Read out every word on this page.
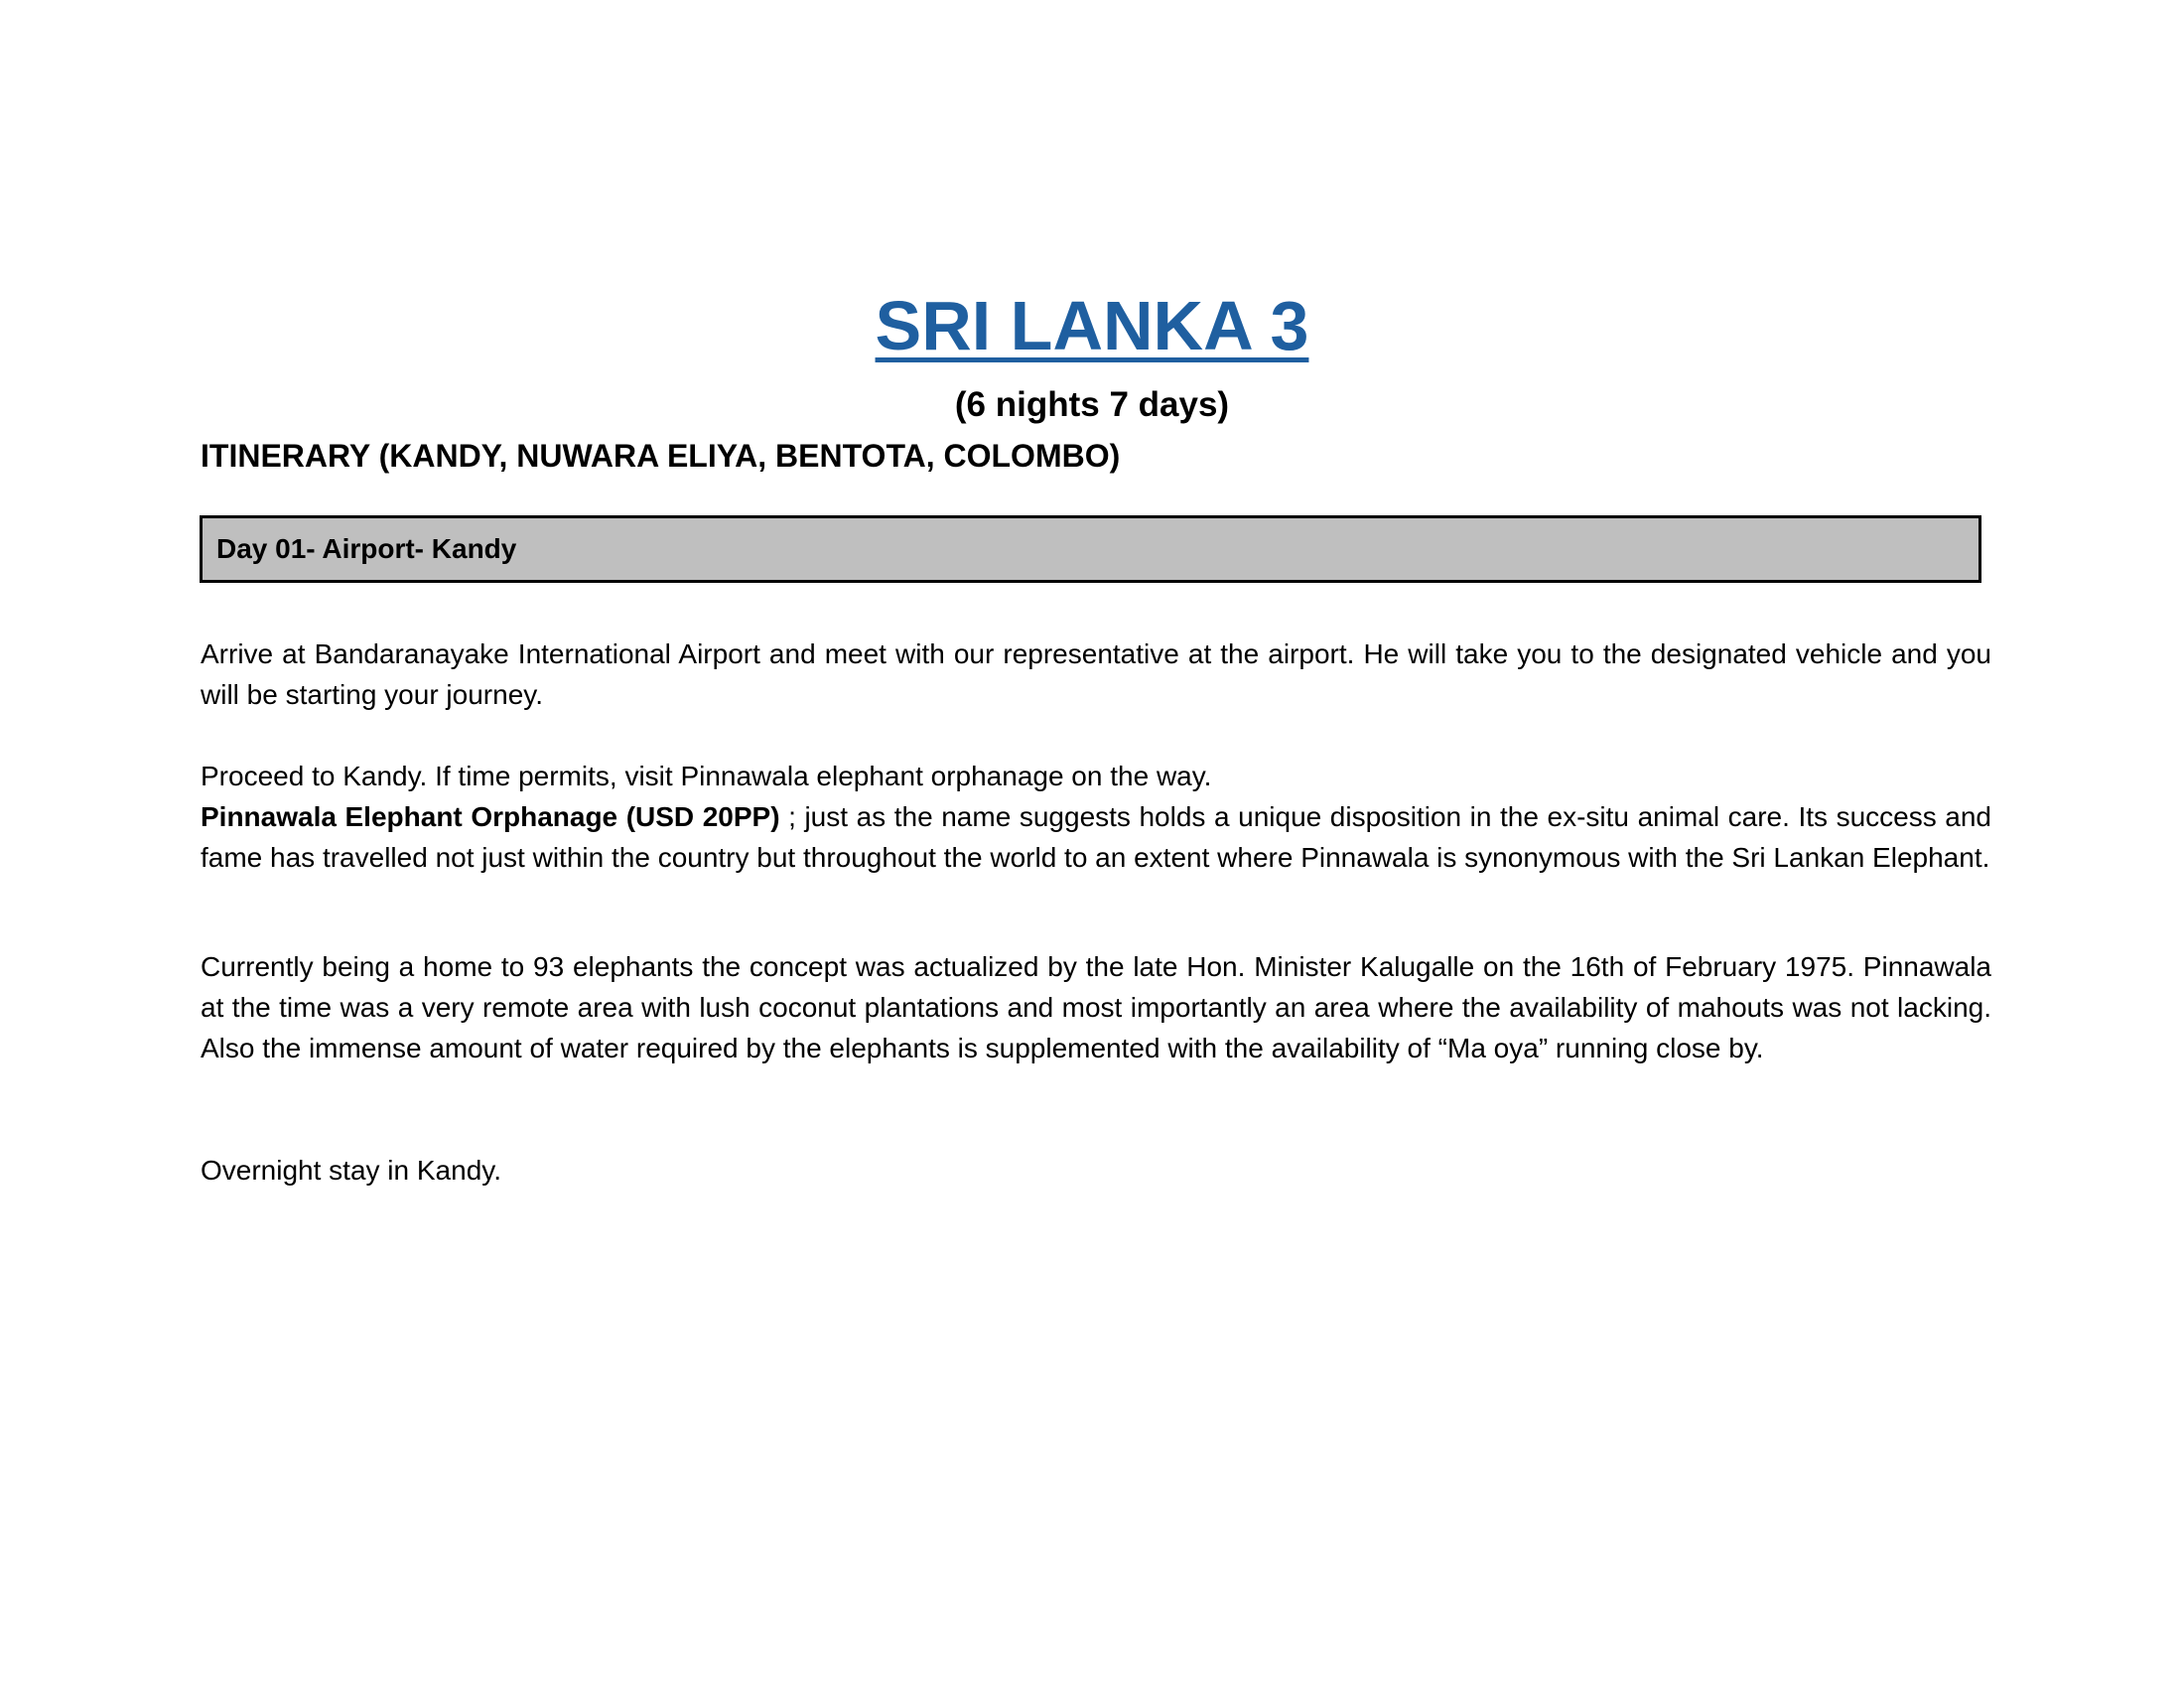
SRI LANKA 3
(6 nights 7 days)
ITINERARY (KANDY, NUWARA ELIYA, BENTOTA, COLOMBO)
Day 01- Airport- Kandy
Arrive at Bandaranayake International Airport and meet with our representative at the airport. He will take you to the designated vehicle and you will be starting your journey.
Proceed to Kandy. If time permits, visit Pinnawala elephant orphanage on the way.
Pinnawala Elephant Orphanage (USD 20PP) ; just as the name suggests holds a unique disposition in the ex-situ animal care. Its success and fame has travelled not just within the country but throughout the world to an extent where Pinnawala is synonymous with the Sri Lankan Elephant.
Currently being a home to 93 elephants the concept was actualized by the late Hon. Minister Kalugalle on the 16th of February 1975. Pinnawala at the time was a very remote area with lush coconut plantations and most importantly an area where the availability of mahouts was not lacking. Also the immense amount of water required by the elephants is supplemented with the availability of “Ma oya” running close by.
Overnight stay in Kandy.
